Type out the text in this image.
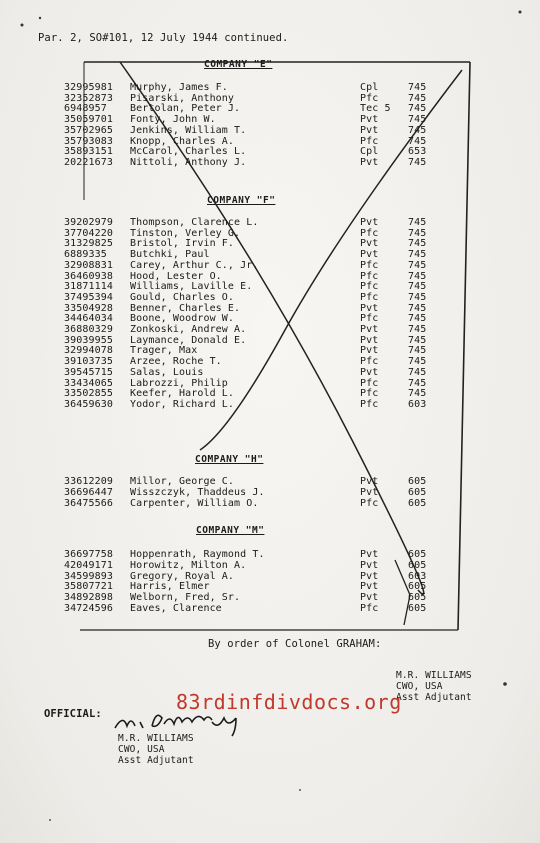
Par. 2, SO#101, 12 July 1944 continued.
COMPANY "E"
32995981	Murphy, James F.	Cpl	745
32352873	Pisarski, Anthony	Pfc	745
6948957	Bertolan, Peter J.	Tec 5	745
35059701	Fonty, John W.	Pvt	745
35702965	Jenkins, William T.	Pvt	745
35793083	Knopp, Charles A.	Pfc	745
35893151	McCarol, Charles L.	Cpl	653
20221673	Nittoli, Anthony J.	Pvt	745
COMPANY "F"
39202979	Thompson, Clarence L.	Pvt	745
37704220	Tinston, Verley G.	Pfc	745
31329825	Bristol, Irvin F.	Pvt	745
6889335	Butchki, Paul	Pvt	745
32908831	Carey, Arthur C., Jr.	Pfc	745
36460938	Hood, Lester O.	Pfc	745
31871114	Williams, Laville E.	Pfc	745
37495394	Gould, Charles O.	Pfc	745
33504928	Benner, Charles E.	Pvt	745
34464034	Boone, Woodrow W.	Pfc	745
36880329	Zonkoski, Andrew A.	Pvt	745
39039955	Laymance, Donald E.	Pvt	745
32994078	Trager, Max	Pvt	745
39103735	Arzee, Roche T.	Pfc	745
39545715	Salas, Louis	Pvt	745
33434065	Labrozzi, Philip	Pfc	745
33502855	Keefer, Harold L.	Pfc	745
36459630	Yodor, Richard L.	Pfc	603
COMPANY "H"
33612209	Millor, George C.	Pvt	605
36696447	Wisszczyk, Thaddeus J.	Pvt	605
36475566	Carpenter, William O.	Pfc	605
COMPANY "M"
36697758	Hoppenrath, Raymond T.	Pvt	605
42049171	Horowitz, Milton A.	Pvt	605
34599893	Gregory, Royal A.	Pvt	603
35807721	Harris, Elmer	Pvt	605
34892898	Welborn, Fred, Sr.	Pvt	605
34724596	Eaves, Clarence	Pfc	605
By order of Colonel GRAHAM:
M.R. WILLIAMS
CWO, USA
Asst Adjutant
OFFICIAL:
M.R. WILLIAMS
CWO, USA
Asst Adjutant
83rdinfdivdocs.org
